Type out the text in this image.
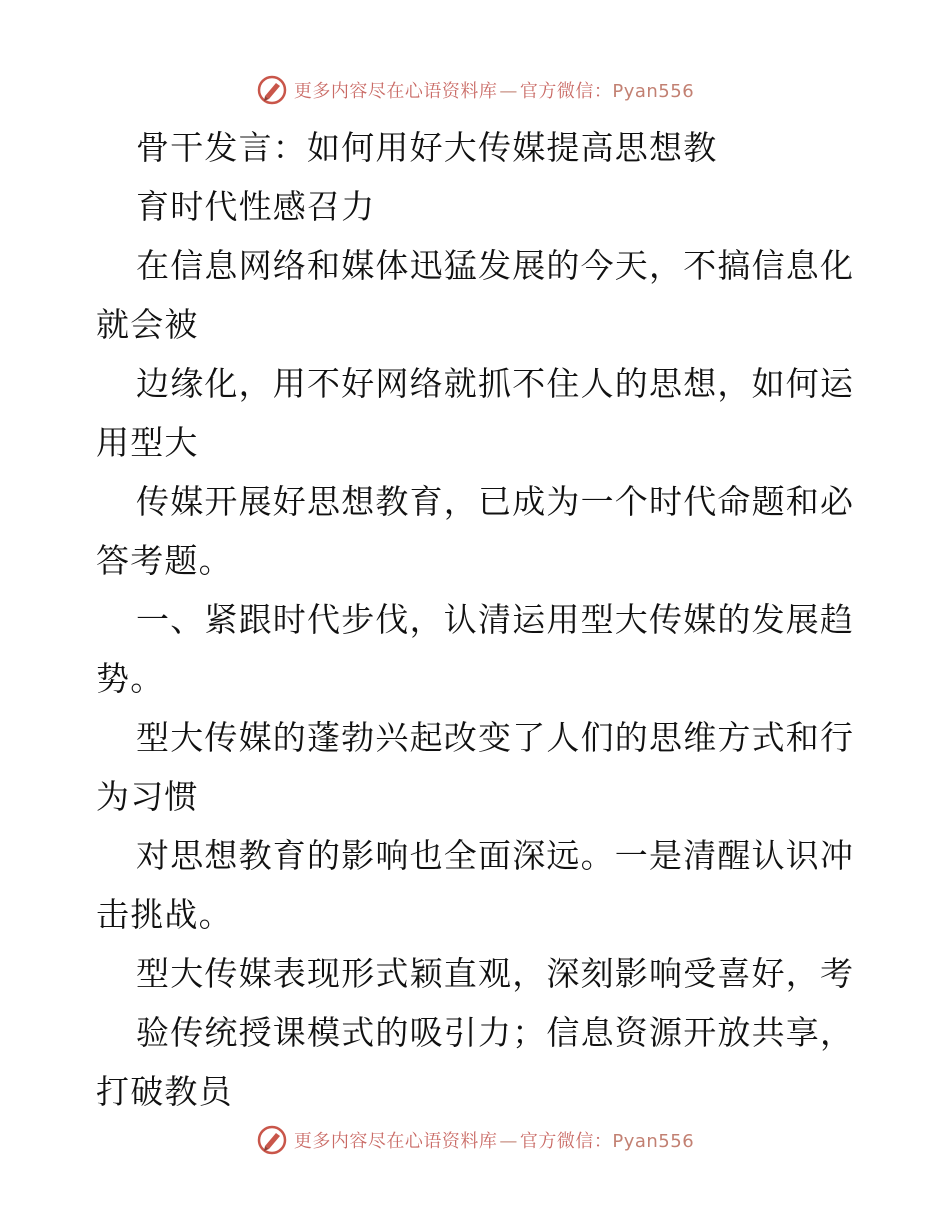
更多内容尽在心语资料库 — 官方微信：Pyan556
骨干发言：如何用好大传媒提高思想教
育时代性感召力
在信息网络和媒体迅猛发展的今天，不搞信息化
就会被
边缘化，用不好网络就抓不住人的思想，如何运
用型大
传媒开展好思想教育，已成为一个时代命题和必
答考题。
一、紧跟时代步伐，认清运用型大传媒的发展趋
势。
型大传媒的蓬勃兴起改变了人们的思维方式和行
为习惯
对思想教育的影响也全面深远。一是清醒认识冲
击挑战。
型大传媒表现形式颖直观，深刻影响受喜好，考
验传统授课模式的吸引力；信息资源开放共享，
打破教员
更多内容尽在心语资料库 — 官方微信：Pyan556
